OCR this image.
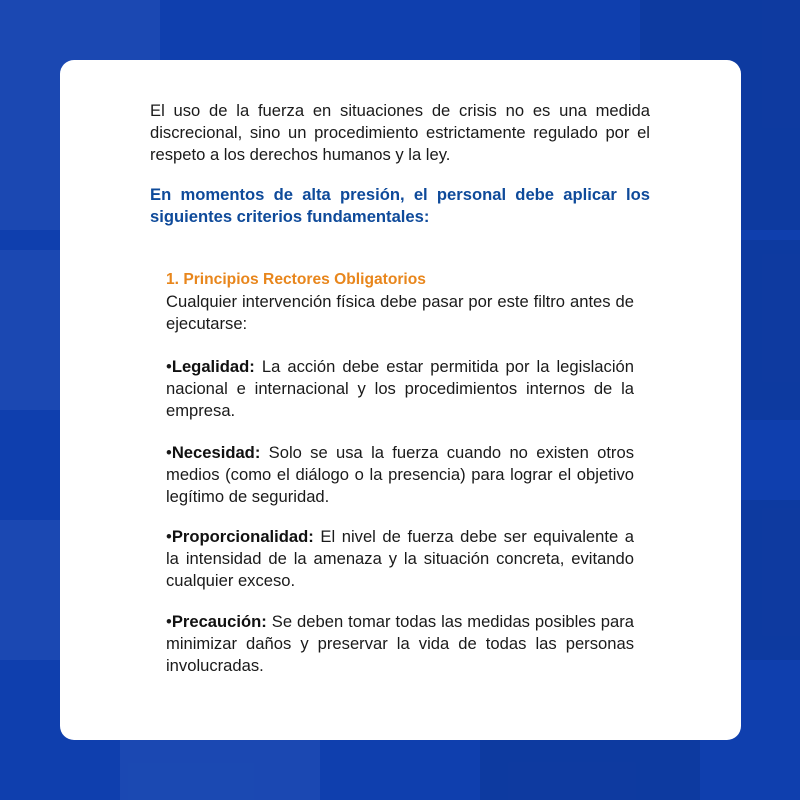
El uso de la fuerza en situaciones de crisis no es una medida discrecional, sino un procedimiento estrictamente regulado por el respeto a los derechos humanos y la ley.
En momentos de alta presión, el personal debe aplicar los siguientes criterios fundamentales:
1. Principios Rectores Obligatorios
Cualquier intervención física debe pasar por este filtro antes de ejecutarse:
•Legalidad: La acción debe estar permitida por la legislación nacional e internacional y los procedimientos internos de la empresa.
•Necesidad: Solo se usa la fuerza cuando no existen otros medios (como el diálogo o la presencia) para lograr el objetivo legítimo de seguridad.
•Proporcionalidad: El nivel de fuerza debe ser equivalente a la intensidad de la amenaza y la situación concreta, evitando cualquier exceso.
•Precaución: Se deben tomar todas las medidas posibles para minimizar daños y preservar la vida de todas las personas involucradas.
